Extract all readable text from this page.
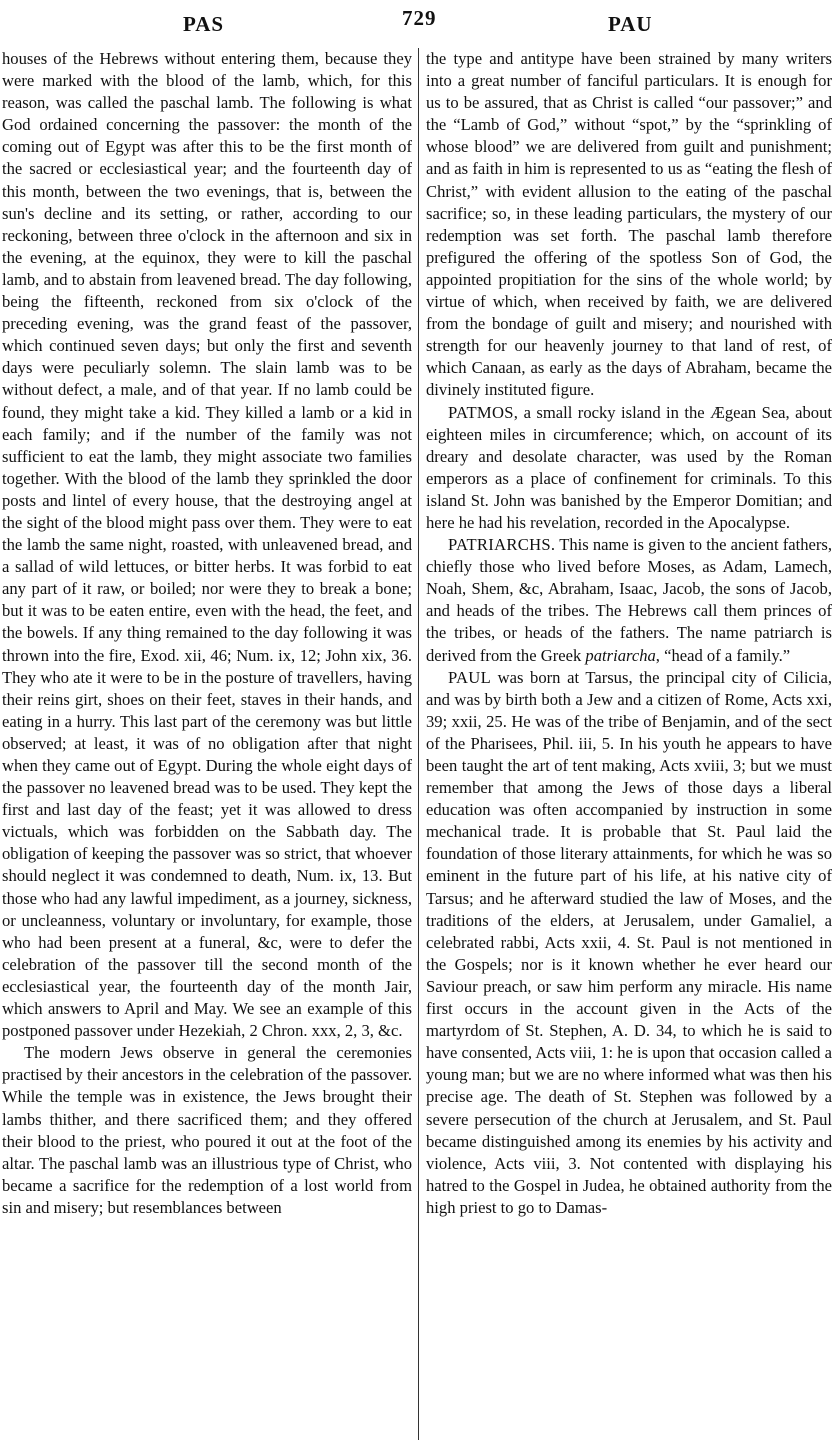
PAS	729	PAU

houses of the Hebrews without entering them, because they were marked with the blood of the lamb, which, for this reason, was called the paschal lamb. The following is what God ordained concerning the passover: the month of the coming out of Egypt was after this to be the first month of the sacred or ecclesiastical year; and the fourteenth day of this month, between the two evenings, that is, between the sun's decline and its setting, or rather, according to our reckoning, between three o'clock in the afternoon and six in the evening, at the equinox, they were to kill the paschal lamb, and to abstain from leavened bread. The day following, being the fifteenth, reckoned from six o'clock of the preceding evening, was the grand feast of the passover, which continued seven days; but only the first and seventh days were peculiarly solemn. The slain lamb was to be without defect, a male, and of that year. If no lamb could be found, they might take a kid. They killed a lamb or a kid in each family; and if the number of the family was not sufficient to eat the lamb, they might associate two families together. With the blood of the lamb they sprinkled the door posts and lintel of every house, that the destroying angel at the sight of the blood might pass over them. They were to eat the lamb the same night, roasted, with unleavened bread, and a sallad of wild lettuces, or bitter herbs. It was forbid to eat any part of it raw, or boiled; nor were they to break a bone; but it was to be eaten entire, even with the head, the feet, and the bowels. If any thing remained to the day following it was thrown into the fire, Exod. xii, 46; Num. ix, 12; John xix, 36. They who ate it were to be in the posture of travellers, having their reins girt, shoes on their feet, staves in their hands, and eating in a hurry. This last part of the ceremony was but little observed; at least, it was of no obligation after that night when they came out of Egypt. During the whole eight days of the passover no leavened bread was to be used. They kept the first and last day of the feast; yet it was allowed to dress victuals, which was forbidden on the Sabbath day. The obligation of keeping the passover was so strict, that whoever should neglect it was condemned to death, Num. ix, 13. But those who had any lawful impediment, as a journey, sickness, or uncleanness, voluntary or involuntary, for example, those who had been present at a funeral, &c, were to defer the celebration of the passover till the second month of the ecclesiastical year, the fourteenth day of the month Jair, which answers to April and May. We see an example of this postponed passover under Hezekiah, 2 Chron. xxx, 2, 3, &c.

The modern Jews observe in general the ceremonies practised by their ancestors in the celebration of the passover. While the temple was in existence, the Jews brought their lambs thither, and there sacrificed them; and they offered their blood to the priest, who poured it out at the foot of the altar. The paschal lamb was an illustrious type of Christ, who became a sacrifice for the redemption of a lost world from sin and misery; but resemblances between

the type and antitype have been strained by many writers into a great number of fanciful particulars. It is enough for us to be assured, that as Christ is called “our passover;” and the “Lamb of God,” without “spot,” by the “sprinkling of whose blood” we are delivered from guilt and punishment; and as faith in him is represented to us as “eating the flesh of Christ,” with evident allusion to the eating of the paschal sacrifice; so, in these leading particulars, the mystery of our redemption was set forth. The paschal lamb therefore prefigured the offering of the spotless Son of God, the appointed propitiation for the sins of the whole world; by virtue of which, when received by faith, we are delivered from the bondage of guilt and misery; and nourished with strength for our heavenly journey to that land of rest, of which Canaan, as early as the days of Abraham, became the divinely instituted figure.

PATMOS, a small rocky island in the Ægean Sea, about eighteen miles in circumference; which, on account of its dreary and desolate character, was used by the Roman emperors as a place of confinement for criminals. To this island St. John was banished by the Emperor Domitian; and here he had his revelation, recorded in the Apocalypse.

PATRIARCHS. This name is given to the ancient fathers, chiefly those who lived before Moses, as Adam, Lamech, Noah, Shem, &c, Abraham, Isaac, Jacob, the sons of Jacob, and heads of the tribes. The Hebrews call them princes of the tribes, or heads of the fathers. The name patriarch is derived from the Greek patriarcha, “head of a family.”

PAUL was born at Tarsus, the principal city of Cilicia, and was by birth both a Jew and a citizen of Rome, Acts xxi, 39; xxii, 25. He was of the tribe of Benjamin, and of the sect of the Pharisees, Phil. iii, 5. In his youth he appears to have been taught the art of tent making, Acts xviii, 3; but we must remember that among the Jews of those days a liberal education was often accompanied by instruction in some mechanical trade. It is probable that St. Paul laid the foundation of those literary attainments, for which he was so eminent in the future part of his life, at his native city of Tarsus; and he afterward studied the law of Moses, and the traditions of the elders, at Jerusalem, under Gamaliel, a celebrated rabbi, Acts xxii, 4. St. Paul is not mentioned in the Gospels; nor is it known whether he ever heard our Saviour preach, or saw him perform any miracle. His name first occurs in the account given in the Acts of the martyrdom of St. Stephen, A. D. 34, to which he is said to have consented, Acts viii, 1: he is upon that occasion called a young man; but we are no where informed what was then his precise age. The death of St. Stephen was followed by a severe persecution of the church at Jerusalem, and St. Paul became distinguished among its enemies by his activity and violence, Acts viii, 3. Not contented with displaying his hatred to the Gospel in Judea, he obtained authority from the high priest to go to Damas-
